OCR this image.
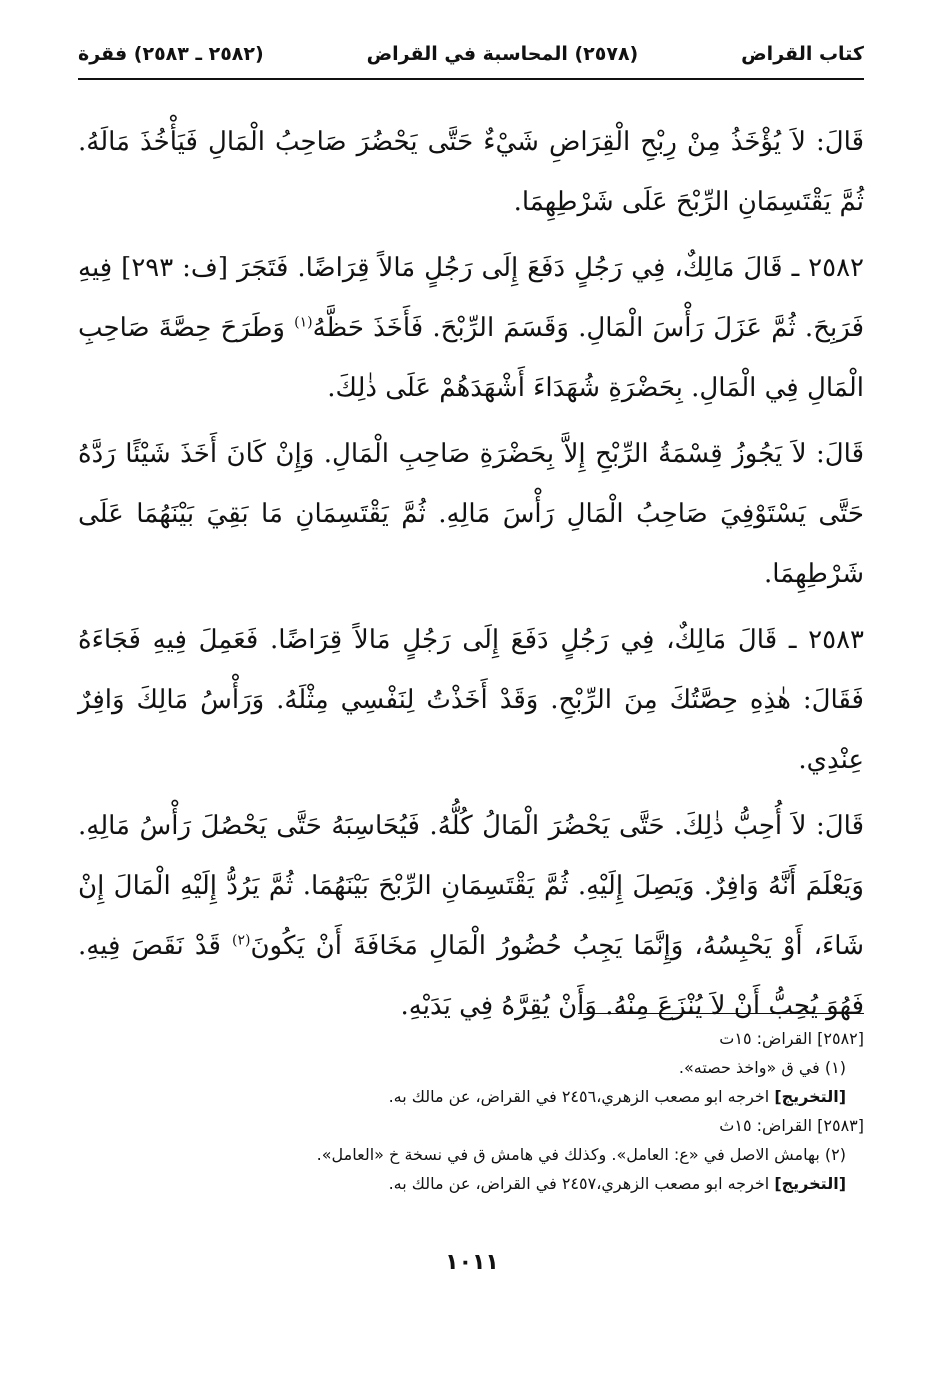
كتاب القراض
(٢٥٧٨) المحاسبة في القراض
(٢٥٨٢ ـ ٢٥٨٣) فقرة

قَالَ: لاَ يُؤْخَذُ مِنْ رِبْحِ الْقِرَاضِ شَيْءٌ حَتَّى يَحْضُرَ صَاحِبُ الْمَالِ فَيَأْخُذَ مَالَهُ. ثُمَّ يَقْتَسِمَانِ الرِّبْحَ عَلَى شَرْطِهِمَا.

٢٥٨٢ ـ قَالَ مَالِكٌ، فِي رَجُلٍ دَفَعَ إِلَى رَجُلٍ مَالاً قِرَاضًا. فَتَجَرَ [ف: ٢٩٣] فِيهِ فَرَبِحَ. ثُمَّ عَزَلَ رَأْسَ الْمَالِ. وَقَسَمَ الرِّبْحَ. فَأَخَذَ حَظَّهُ$^{(١)}$ وَطَرَحَ حِصَّةَ صَاحِبِ الْمَالِ فِي الْمَالِ. بِحَضْرَةِ شُهَدَاءَ أَشْهَدَهُمْ عَلَى ذٰلِكَ.

قَالَ: لاَ يَجُوزُ قِسْمَةُ الرِّبْحِ إِلاَّ بِحَضْرَةِ صَاحِبِ الْمَالِ. وَإِنْ كَانَ أَخَذَ شَيْئًا رَدَّهُ حَتَّى يَسْتَوْفِيَ صَاحِبُ الْمَالِ رَأْسَ مَالِهِ. ثُمَّ يَقْتَسِمَانِ مَا بَقِيَ بَيْنَهُمَا عَلَى شَرْطِهِمَا.

٢٥٨٣ ـ قَالَ مَالِكٌ، فِي رَجُلٍ دَفَعَ إِلَى رَجُلٍ مَالاً قِرَاضًا. فَعَمِلَ فِيهِ فَجَاءَهُ فَقَالَ: هٰذِهِ حِصَّتُكَ مِنَ الرِّبْحِ. وَقَدْ أَخَذْتُ لِنَفْسِي مِثْلَهُ. وَرَأْسُ مَالِكَ وَافِرٌ عِنْدِي.

قَالَ: لاَ أُحِبُّ ذٰلِكَ. حَتَّى يَحْضُرَ الْمَالُ كُلُّهُ. فَيُحَاسِبَهُ حَتَّى يَحْصُلَ رَأْسُ مَالِهِ. وَيَعْلَمَ أَنَّهُ وَافِرٌ. وَيَصِلَ إِلَيْهِ. ثُمَّ يَقْتَسِمَانِ الرِّبْحَ بَيْنَهُمَا. ثُمَّ يَرُدُّ إِلَيْهِ الْمَالَ إِنْ شَاءَ، أَوْ يَحْبِسُهُ، وَإِنَّمَا يَجِبُ حُضُورُ الْمَالِ مَخَافَةَ أَنْ يَكُونَ$^{(٢)}$ قَدْ نَقَصَ فِيهِ. فَهُوَ يُحِبُّ أَنْ لاَ يُنْزَعَ مِنْهُ. وَأَنْ يُقِرَّهُ فِي يَدَيْهِ.

[٢٥٨٢] القراض: ١٥ت

(١) في ق «واخذ حصته».

[التخريج] اخرجه ابو مصعب الزهري،٢٤٥٦ في القراض، عن مالك به.

[٢٥٨٣] القراض: ١٥ث

(٢) بهامش الاصل في «ع: العامل». وكذلك في هامش ق في نسخة خ «العامل».

[التخريج] اخرجه ابو مصعب الزهري،٢٤٥٧ في القراض، عن مالك به.

١٠١١
